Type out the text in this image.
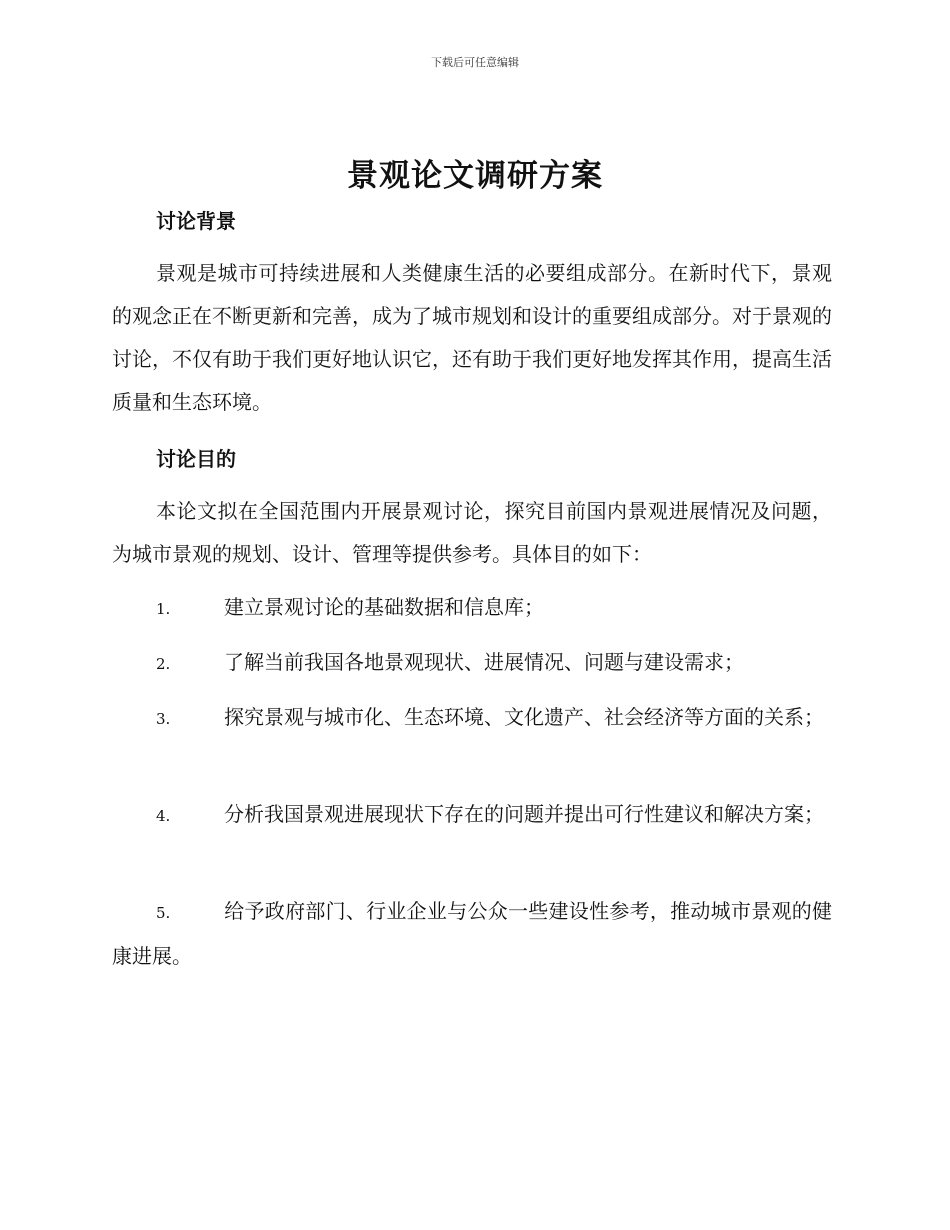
下载后可任意编辑
景观论文调研方案
讨论背景
景观是城市可持续进展和人类健康生活的必要组成部分。在新时代下，景观的观念正在不断更新和完善，成为了城市规划和设计的重要组成部分。对于景观的讨论，不仅有助于我们更好地认识它，还有助于我们更好地发挥其作用，提高生活质量和生态环境。
讨论目的
本论文拟在全国范围内开展景观讨论，探究目前国内景观进展情况及问题，为城市景观的规划、设计、管理等提供参考。具体目的如下：
1.	建立景观讨论的基础数据和信息库；
2.	了解当前我国各地景观现状、进展情况、问题与建设需求；
3.	探究景观与城市化、生态环境、文化遗产、社会经济等方面的关系；
4.	分析我国景观进展现状下存在的问题并提出可行性建议和解决方案；
5.	给予政府部门、行业企业与公众一些建设性参考，推动城市景观的健康进展。
